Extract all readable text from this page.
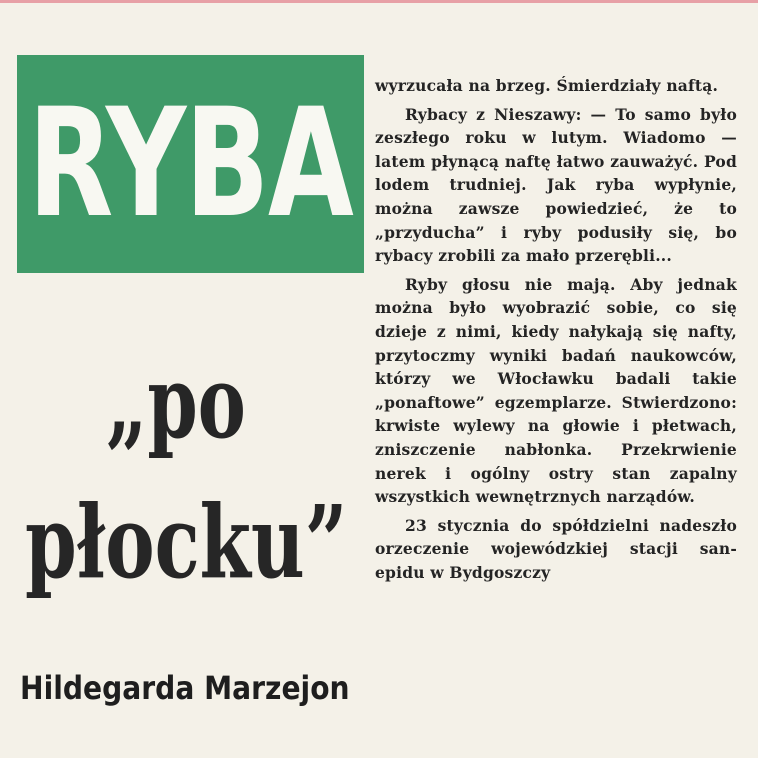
RYBA
„po
płocku”
Hildegarda Marzejon

wyrzucała na brzeg. Śmierdziały naftą.

Rybacy z Nieszawy: — To samo było zeszłego roku w lutym. Wiadomo — latem płynącą naftę łatwo zauważyć. Pod lodem trudniej. Jak ryba wypłynie, można zawsze powiedzieć, że to „przyducha” i ryby podusiły się, bo rybacy zrobili za mało przerębli...

Ryby głosu nie mają. Aby jednak można było wyobrazić sobie, co się dzieje z nimi, kiedy nałykają się nafty, przytoczmy wyniki badań naukowców, którzy we Włocławku badali takie „ponaftowe” egzemplarze. Stwierdzono: krwiste wylewy na głowie i płetwach, zniszczenie nabłonka. Przekrwienie nerek i ogólny ostry stan zapalny wszystkich wewnętrznych narządów.

23 stycznia do spółdzielni nadeszło orzeczenie wojewódzkiej stacji san-epidu w Bydgoszczy
